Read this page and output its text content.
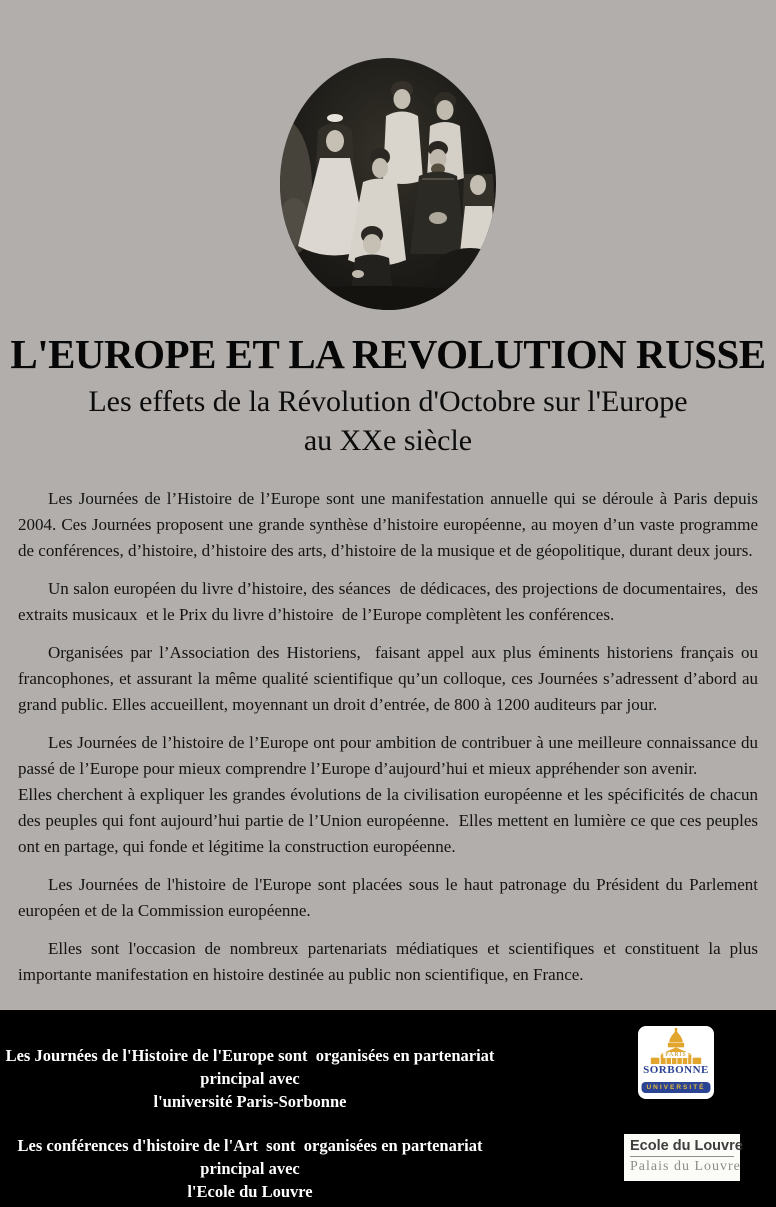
L'EUROPE ET LA REVOLUTION RUSSE
Les effets de la Révolution d'Octobre sur l'Europe
au XXe siècle

Les Journées de l’Histoire de l’Europe sont une manifestation annuelle qui se déroule à Paris depuis 2004. Ces Journées proposent une grande synthèse d’histoire européenne, au moyen d’un vaste programme de conférences, d’histoire, d’histoire des arts, d’histoire de la musique et de géopolitique, durant deux jours.

Un salon européen du livre d’histoire, des séances  de dédicaces, des projections de documentaires,  des extraits musicaux  et le Prix du livre d’histoire  de l’Europe complètent les conférences.

Organisées par l’Association des Historiens,  faisant appel aux plus éminents historiens français ou francophones, et assurant la même qualité scientifique qu’un colloque, ces Journées s’adressent d’abord au grand public. Elles accueillent, moyennant un droit d’entrée, de 800 à 1200 auditeurs par jour.

Les Journées de l’histoire de l’Europe ont pour ambition de contribuer à une meilleure connaissance du passé de l’Europe pour mieux comprendre l’Europe d’aujourd’hui et mieux appréhender son avenir.

Elles cherchent à expliquer les grandes évolutions de la civilisation européenne et les spécificités de chacun des peuples qui font aujourd’hui partie de l’Union européenne.  Elles mettent en lumière ce que ces peuples ont en partage, qui fonde et légitime la construction européenne.

Les Journées de l'histoire de l'Europe sont placées sous le haut patronage du Président du Parlement européen et de la Commission européenne.

Elles sont l'occasion de nombreux partenariats médiatiques et scientifiques et constituent la plus importante manifestation en histoire destinée au public non scientifique, en France.

Les Journées de l'Histoire de l'Europe sont  organisées en partenariat principal avec
l'université Paris-Sorbonne
PARIS
SORBONNE
UNIVERSITÉ
Les conférences d'histoire de l'Art  sont  organisées en partenariat principal avec
l'Ecole du Louvre
Ecole du Louvre
Palais du Louvre
